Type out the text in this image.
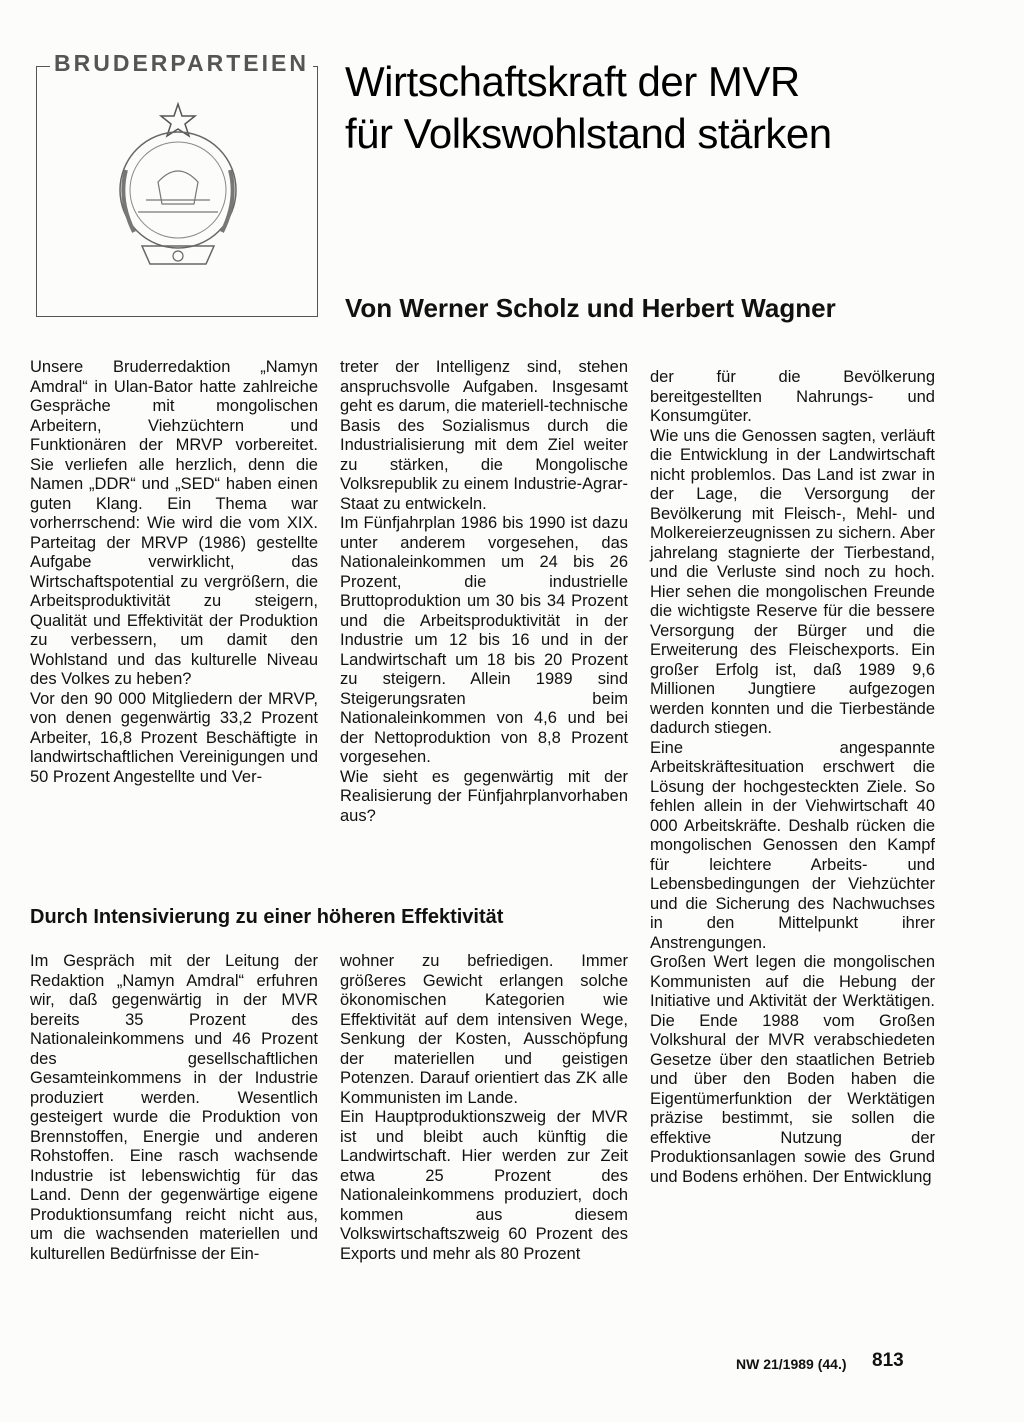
BRUDERPARTEIEN Wirtschaftskraft der MVR
für Volkswohlstand stärken
Von Werner Scholz und Herbert Wagner

Unsere Bruderredaktion „Namyn Amdral“ in Ulan-Bator hatte zahlreiche Gespräche mit mongolischen Arbeitern, Viehzüchtern und Funktionären der MRVP vorbereitet. Sie verliefen alle herzlich, denn die Namen „DDR“ und „SED“ haben einen guten Klang. Ein Thema war vorherrschend: Wie wird die vom XIX. Parteitag der MRVP (1986) gestellte Aufgabe verwirklicht, das Wirtschaftspotential zu vergrößern, die Arbeitsproduktivität zu steigern, Qualität und Effektivität der Produktion zu verbessern, um damit den Wohlstand und das kulturelle Niveau des Volkes zu heben?
Vor den 90 000 Mitgliedern der MRVP, von denen gegenwärtig 33,2 Prozent Arbeiter, 16,8 Prozent Beschäftigte in landwirtschaftlichen Vereinigungen und 50 Prozent Angestellte und Ver-

treter der Intelligenz sind, stehen anspruchsvolle Aufgaben. Insgesamt geht es darum, die materiell-technische Basis des Sozialismus durch die Industrialisierung mit dem Ziel weiter zu stärken, die Mongolische Volksrepublik zu einem Industrie-Agrar-Staat zu entwickeln.
Im Fünfjahrplan 1986 bis 1990 ist dazu unter anderem vorgesehen, das Nationaleinkommen um 24 bis 26 Prozent, die industrielle Bruttoproduktion um 30 bis 34 Prozent und die Arbeitsproduktivität in der Industrie um 12 bis 16 und in der Landwirtschaft um 18 bis 20 Prozent zu steigern. Allein 1989 sind Steigerungsraten beim Nationaleinkommen von 4,6 und bei der Nettoproduktion von 8,8 Prozent vorgesehen.
Wie sieht es gegenwärtig mit der Realisierung der Fünfjahrplanvorhaben aus?

Durch Intensivierung zu einer höheren Effektivität

Im Gespräch mit der Leitung der Redaktion „Namyn Amdral“ erfuhren wir, daß gegenwärtig in der MVR bereits 35 Prozent des Nationaleinkommens und 46 Prozent des gesellschaftlichen Gesamteinkommens in der Industrie produziert werden. Wesentlich gesteigert wurde die Produktion von Brennstoffen, Energie und anderen Rohstoffen. Eine rasch wachsende Industrie ist lebenswichtig für das Land. Denn der gegenwärtige eigene Produktionsumfang reicht nicht aus, um die wachsenden materiellen und kulturellen Bedürfnisse der Ein-

wohner zu befriedigen. Immer größeres Gewicht erlangen solche ökonomischen Kategorien wie Effektivität auf dem intensiven Wege, Senkung der Kosten, Ausschöpfung der materiellen und geistigen Potenzen. Darauf orientiert das ZK alle Kommunisten im Lande.
Ein Hauptproduktionszweig der MVR ist und bleibt auch künftig die Landwirtschaft. Hier werden zur Zeit etwa 25 Prozent des Nationaleinkommens produziert, doch kommen aus diesem Volkswirtschaftszweig 60 Prozent des Exports und mehr als 80 Prozent

der für die Bevölkerung bereitgestellten Nahrungs- und Konsumgüter.
Wie uns die Genossen sagten, verläuft die Entwicklung in der Landwirtschaft nicht problemlos. Das Land ist zwar in der Lage, die Versorgung der Bevölkerung mit Fleisch-, Mehl- und Molkereierzeugnissen zu sichern. Aber jahrelang stagnierte der Tierbestand, und die Verluste sind noch zu hoch. Hier sehen die mongolischen Freunde die wichtigste Reserve für die bessere Versorgung der Bürger und die Erweiterung des Fleischexports. Ein großer Erfolg ist, daß 1989 9,6 Millionen Jungtiere aufgezogen werden konnten und die Tierbestände dadurch stiegen.
Eine angespannte Arbeitskräftesituation erschwert die Lösung der hochgesteckten Ziele. So fehlen allein in der Viehwirtschaft 40 000 Arbeitskräfte. Deshalb rücken die mongolischen Genossen den Kampf für leichtere Arbeits- und Lebensbedingungen der Viehzüchter und die Sicherung des Nachwuchses in den Mittelpunkt ihrer Anstrengungen.
Großen Wert legen die mongolischen Kommunisten auf die Hebung der Initiative und Aktivität der Werktätigen. Die Ende 1988 vom Großen Volkshural der MVR verabschiedeten Gesetze über den staatlichen Betrieb und über den Boden haben die Eigentümerfunktion der Werktätigen präzise bestimmt, sie sollen die effektive Nutzung der Produktionsanlagen sowie des Grund und Bodens erhöhen. Der Entwicklung

NW 21/1989 (44.) 813
